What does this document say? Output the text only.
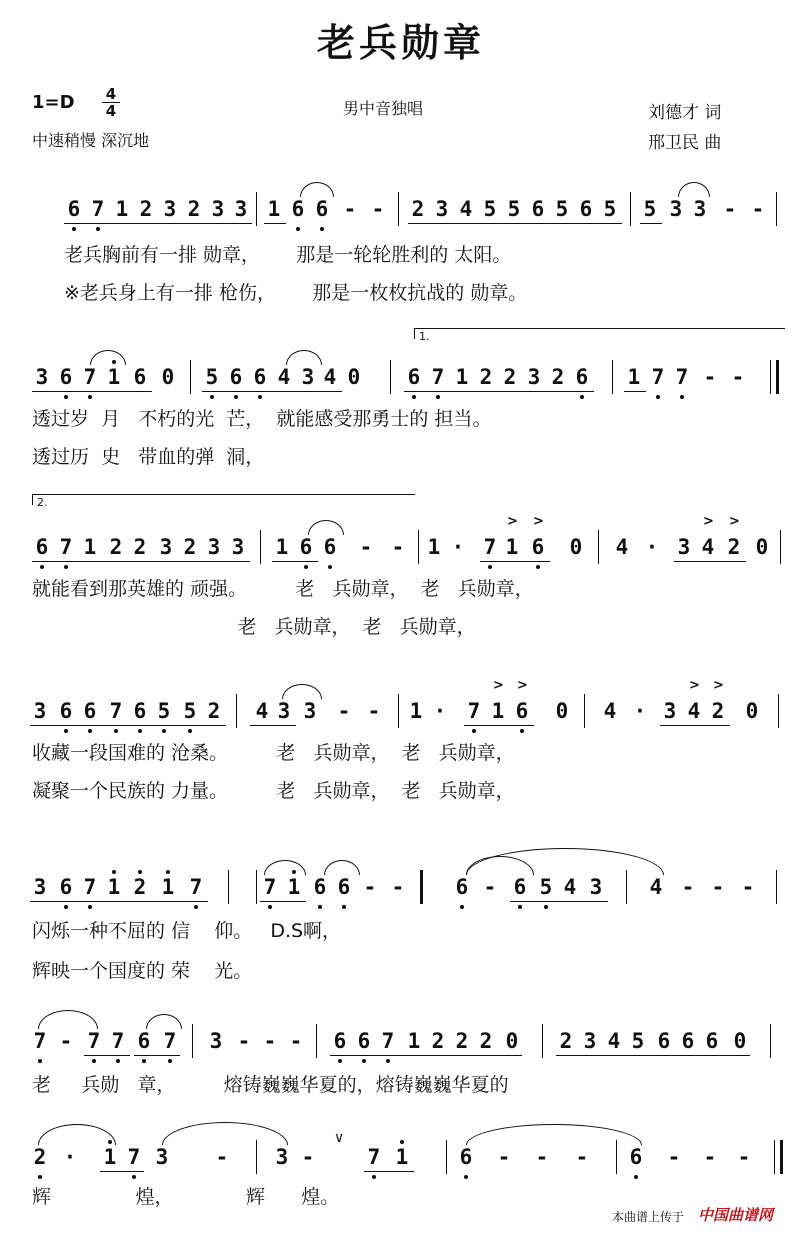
老兵勋章
1=D 4
4	男中音独唱
中速稍慢 深沉地
刘德才 词
邢卫民 曲
6 7 1 2 3 2 3 3 1 6 6 - - 2 3 4 5 5 6 5 6 5 5 3 3 - -
3 6 7 1 6 0 5 6 6 4 3 4 0 6 7 1 2 2 3 2 6 1 7 7 - -
1.
6 7 1 2 2 3 2 3 3 1 6 6 - - 1 · 7 1 6 0 4 · 3 4 2 0
> >	> >
2.
3 6 6 7 6 5 5 2 4 3 3 - - 1 · 7 1 6 0 4 · 3 4 2 0
> >	> >
3 6 7 1 2 1 7	7 1 6 6 - - 6 - 6 5 4 3 4 - - -
7 - 7 7 6 7 3 - - - 6 6 7 1 2 2 2 0 2 3 4 5 6 6 6 0
2 · 1 7 3 - 3 -	7 1 6 - - - 6 - - -
∨
老兵胸前有一排 勋章，      那是一轮轮胜利的 太阳。
※老兵身上有一排 枪伤，      那是一枚枚抗战的 勋章。
透过岁  月   不朽的光  芒，  就能感受那勇士的 担当。
透过历  史   带血的弹  洞，
就能看到那英雄的 顽强。        老   兵勋章，  老   兵勋章，
老   兵勋章，  老   兵勋章，
收藏一段国难的 沧桑。        老   兵勋章，  老   兵勋章，
凝聚一个民族的 力量。        老   兵勋章，  老   兵勋章，
闪烁一种不屈的 信    仰。   D.S啊，
辉映一个国度的 荣    光。
老     兵勋   章，        熔铸巍巍华夏的，熔铸巍巍华夏的
辉              煌，            辉      煌。
本曲谱上传于 中国曲谱网
